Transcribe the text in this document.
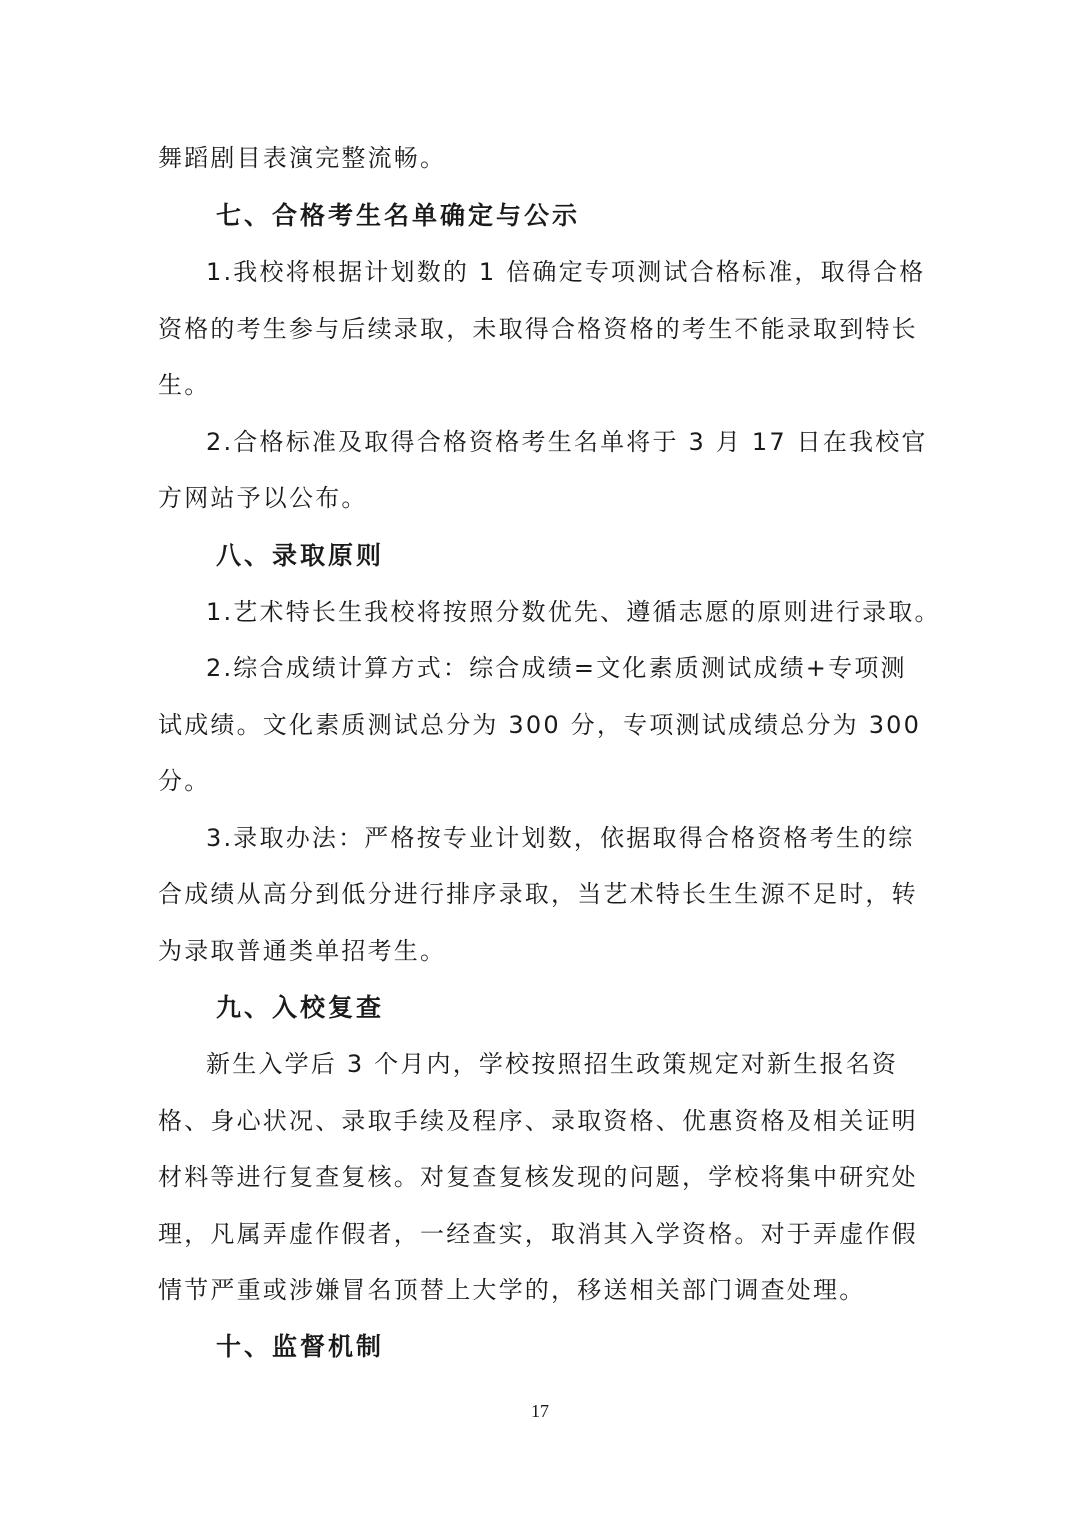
舞蹈剧目表演完整流畅。
七、合格考生名单确定与公示
1.我校将根据计划数的 1 倍确定专项测试合格标准，取得合格
资格的考生参与后续录取，未取得合格资格的考生不能录取到特长
生。
2.合格标准及取得合格资格考生名单将于 3 月 17 日在我校官
方网站予以公布。
八、录取原则
1.艺术特长生我校将按照分数优先、遵循志愿的原则进行录取。
2.综合成绩计算方式：综合成绩=文化素质测试成绩+专项测
试成绩。文化素质测试总分为 300 分，专项测试成绩总分为 300
分。
3.录取办法：严格按专业计划数，依据取得合格资格考生的综
合成绩从高分到低分进行排序录取，当艺术特长生生源不足时，转
为录取普通类单招考生。
九、入校复查
新生入学后 3 个月内，学校按照招生政策规定对新生报名资
格、身心状况、录取手续及程序、录取资格、优惠资格及相关证明
材料等进行复查复核。对复查复核发现的问题，学校将集中研究处
理，凡属弄虚作假者，一经查实，取消其入学资格。对于弄虚作假
情节严重或涉嫌冒名顶替上大学的，移送相关部门调查处理。
十、监督机制
17
